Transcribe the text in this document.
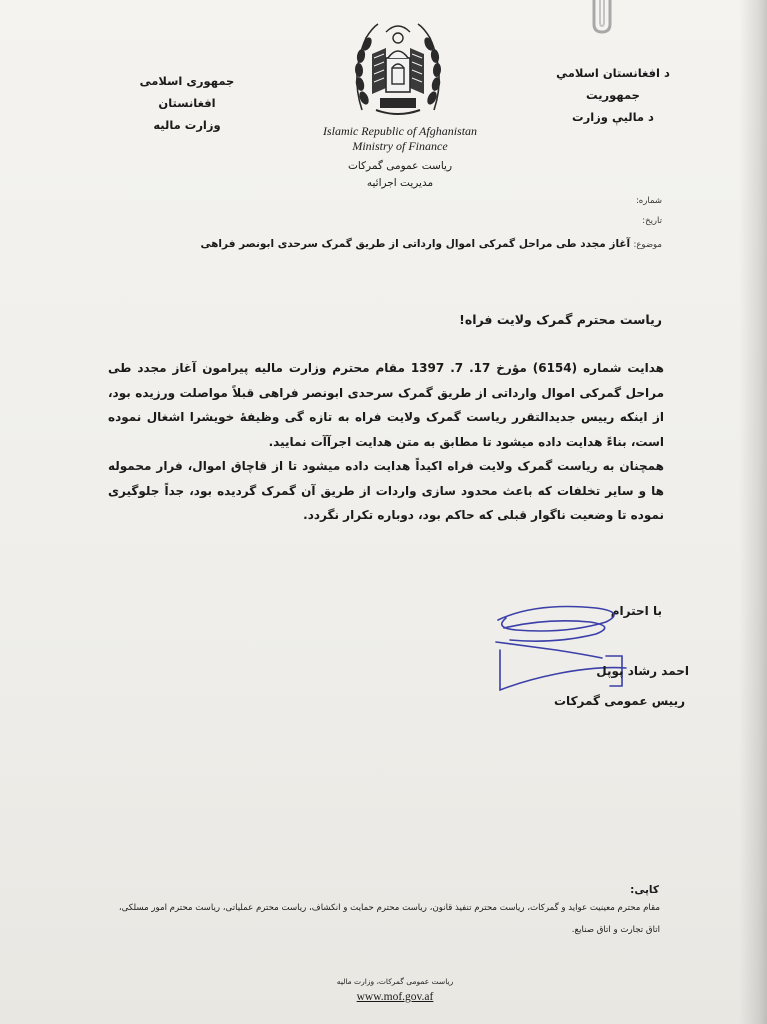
د افغانستان اسلامي جمهوريت
د ماليې وزارت
جمهوری اسلامی افغانستان
وزارت ماليه	Islamic Republic of Afghanistan
Ministry of Finance
رياست عمومی گمرکات
مديريت اجرائيه
شماره:
تاريخ:
موضوع: آغاز مجدد طی مراحل گمرکی اموال وارداتی از طريق گمرک سرحدی ابونصر فراهی
رياست محترم گمرک ولايت فراه!

هدايت شماره (6154) مؤرخ 17. 7. 1397 مقام محترم وزارت ماليه پيرامون آغاز مجدد طی مراحل گمرکی اموال وارداتی از طريق گمرک سرحدی ابونصر فراهی قبلاً مواصلت ورزيده بود، از اينکه ريیس جديدالتقرر رياست گمرک ولايت فراه به تازه گی وظيفهٔ خويشرا اشغال نموده است، بناءً هدايت داده ميشود تا مطابق به متن هدايت اجرآآت نماييد.

همچنان به رياست گمرک ولايت فراه اکيداً هدايت داده ميشود تا از قاچاق اموال، فرار محموله ها و ساير تخلفات که باعث محدود سازی واردات از طريق آن گمرک گرديده بود، جداً جلوگيری نموده تا وضعيت ناگوار قبلی که حاکم بود، دوباره تکرار نگردد.

با احترام
احمد رشاد پوپل
ريیس عمومی گمرکات
کاپی:

مقام محترم معينيت عوايد و گمرکات، رياست محترم تنفيذ قانون، رياست محترم حمايت و انکشاف، رياست محترم عملياتی، رياست محترم امور مسلکی،

اتاق تجارت و اتاق صنايع.

رياست عمومی گمرکات، وزارت ماليه
www.mof.gov.af
